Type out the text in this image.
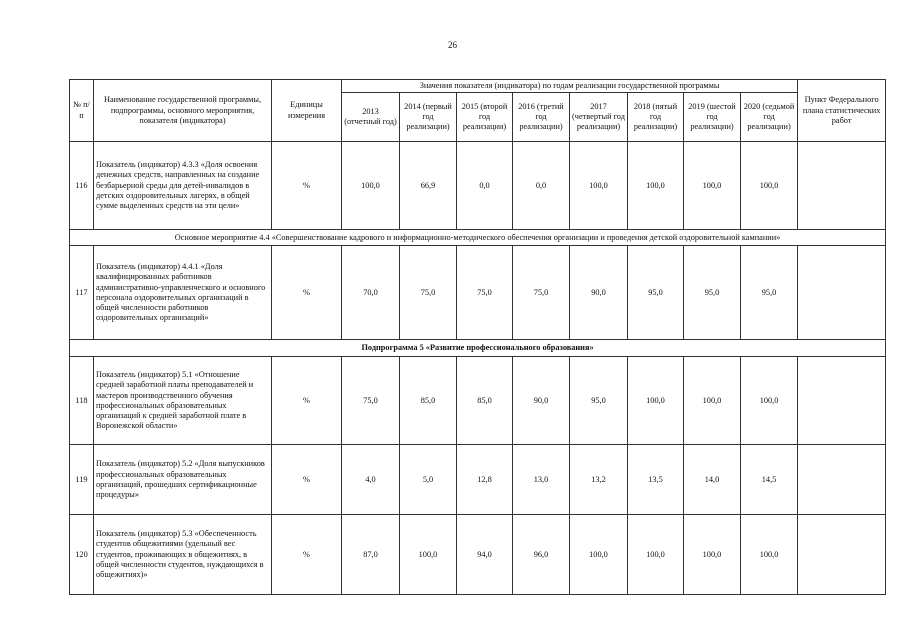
26
№ п/п	Наименование государственной программы, подпрограммы, основного мероприятия, показателя (индикатора)	Единицы измерения	Значения показателя (индикатора) по годам реализации государственной программы								Пункт Федерального плана статистических работ
			2013 (отчетный год)	2014 (первый год реализации)	2015 (второй год реализации)	2016 (третий год реализации)	2017 (четвертый год реализации)	2018 (пятый год реализации)	2019 (шестой год реализации)	2020 (седьмой год реализации)	
116	Показатель (индикатор) 4.3.3 «Доля освоения денежных средств, направленных на создание безбарьерной среды для детей-инвалидов в детских оздоровительных лагерях, в общей сумме выделенных средств на эти цели»	%	100,0	66,9	0,0	0,0	100,0	100,0	100,0	100,0	
Основное мероприятие 4.4 «Совершенствование кадрового и информационно-методического обеспечения организации и проведения детской оздоровительной кампании»											
117	Показатель (индикатор) 4.4.1 «Доля квалифицированных работников административно-управленческого и основного персонала оздоровительных организаций в общей численности работников оздоровительных организаций»	%	70,0	75,0	75,0	75,0	90,0	95,0	95,0	95,0	
Подпрограмма 5 «Развитие профессионального образования»											
118	Показатель (индикатор) 5.1 «Отношение средней заработной платы преподавателей и мастеров производственного обучения профессиональных образовательных организаций к средней заработной плате в Воронежской области»	%	75,0	85,0	85,0	90,0	95,0	100,0	100,0	100,0	
119	Показатель (индикатор) 5.2 «Доля выпускников профессиональных образовательных организаций, прошедших сертификационные процедуры»	%	4,0	5,0	12,8	13,0	13,2	13,5	14,0	14,5	
120	Показатель (индикатор) 5.3 «Обеспеченность студентов общежитиями (удельный вес студентов, проживающих в общежитиях, в общей численности студентов, нуждающихся в общежитиях)»	%	87,0	100,0	94,0	96,0	100,0	100,0	100,0	100,0	
